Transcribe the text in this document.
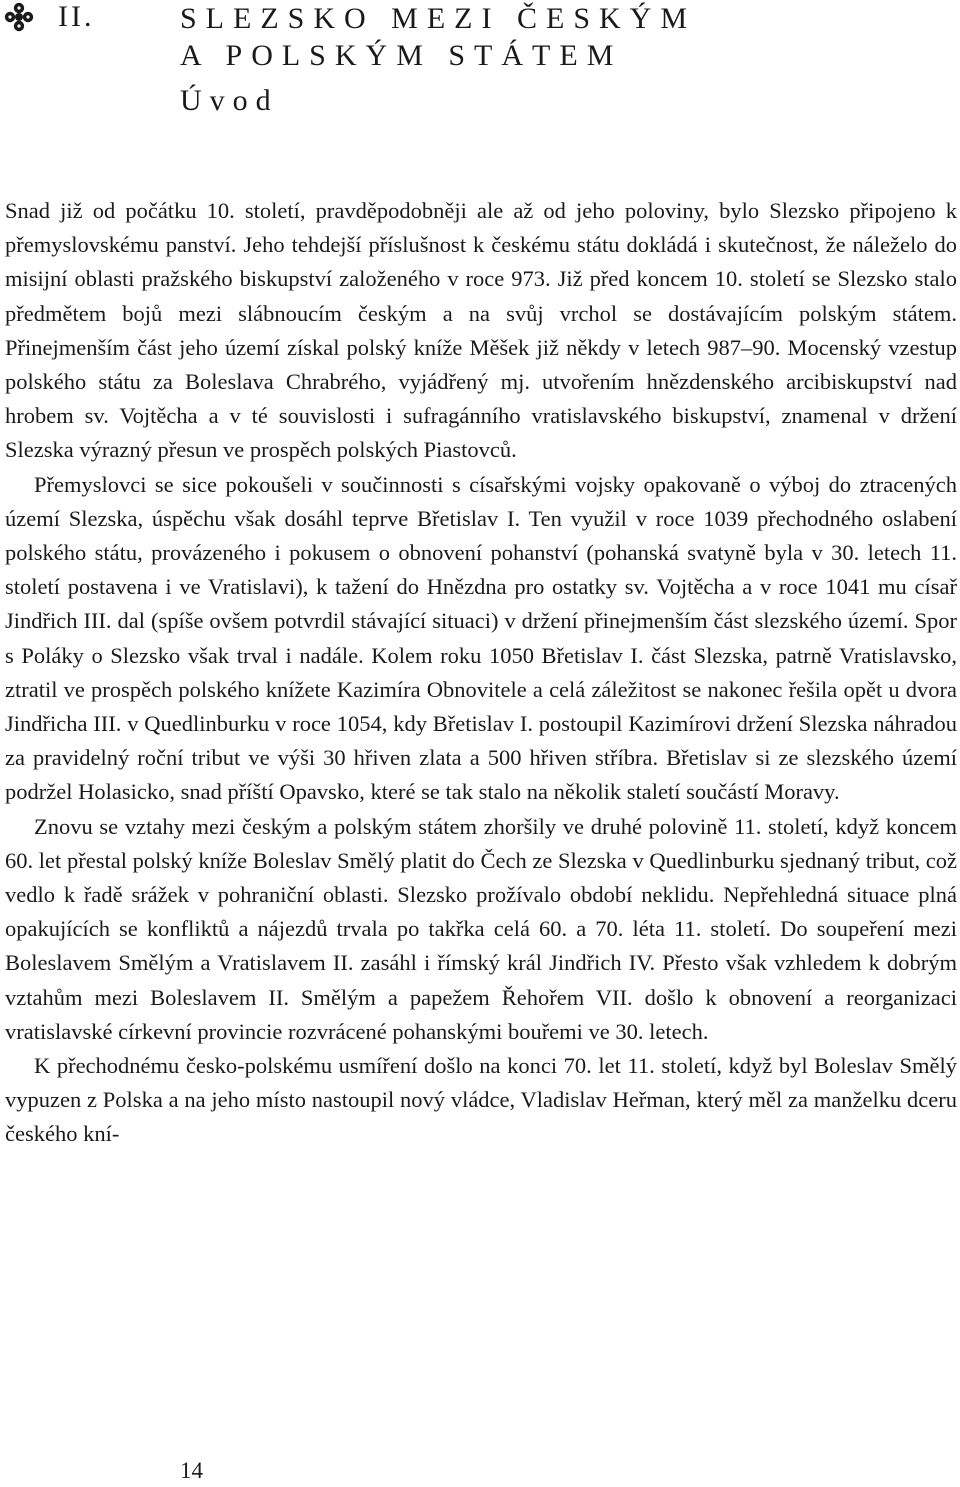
II.	SLEZSKO MEZI ČESKÝM
A POLSKÝM STÁTEM
Úvod

Snad již od počátku 10. století, pravděpodobněji ale až od jeho poloviny, bylo Slezsko připojeno k přemyslovskému panství. Jeho tehdejší příslušnost k českému státu dokládá i skutečnost, že náleželo do misijní oblasti pražského biskupství založeného v roce 973. Již před koncem 10. století se Slezsko stalo předmětem bojů mezi slábnoucím českým a na svůj vrchol se dostávajícím polským státem. Přinejmenším část jeho území získal polský kníže Měšek již někdy v letech 987–90. Mocenský vzestup polského státu za Boleslava Chrabrého, vyjádřený mj. utvořením hnězdenského arcibiskupství nad hrobem sv. Vojtěcha a v té souvislosti i sufragánního vratislavského biskupství, znamenal v držení Slezska výrazný přesun ve prospěch polských Piastovců.

Přemyslovci se sice pokoušeli v součinnosti s císařskými vojsky opakovaně o výboj do ztracených území Slezska, úspěchu však dosáhl teprve Břetislav I. Ten využil v roce 1039 přechodného oslabení polského státu, provázeného i pokusem o obnovení pohanství (pohanská svatyně byla v 30. letech 11. století postavena i ve Vratislavi), k tažení do Hnězdna pro ostatky sv. Vojtěcha a v roce 1041 mu císař Jindřich III. dal (spíše ovšem potvrdil stávající situaci) v držení přinejmenším část slezského území. Spor s Poláky o Slezsko však trval i nadále. Kolem roku 1050 Břetislav I. část Slezska, patrně Vratislavsko, ztratil ve prospěch polského knížete Kazimíra Obnovitele a celá záležitost se nakonec řešila opět u dvora Jindřicha III. v Quedlinburku v roce 1054, kdy Břetislav I. postoupil Kazimírovi držení Slezska náhradou za pravidelný roční tribut ve výši 30 hřiven zlata a 500 hřiven stříbra. Břetislav si ze slezského území podržel Holasicko, snad příští Opavsko, které se tak stalo na několik staletí součástí Moravy.

Znovu se vztahy mezi českým a polským státem zhoršily ve druhé polovině 11. století, když koncem 60. let přestal polský kníže Boleslav Smělý platit do Čech ze Slezska v Quedlinburku sjednaný tribut, což vedlo k řadě srážek v pohraniční oblasti. Slezsko prožívalo období neklidu. Nepřehledná situace plná opakujících se konfliktů a nájezdů trvala po takřka celá 60. a 70. léta 11. století. Do soupeření mezi Boleslavem Smělým a Vratislavem II. zasáhl i římský král Jindřich IV. Přesto však vzhledem k dobrým vztahům mezi Boleslavem II. Smělým a papežem Řehořem VII. došlo k obnovení a reorganizaci vratislavské církevní provincie rozvrácené pohanskými bouřemi ve 30. letech.

K přechodnému česko-polskému usmíření došlo na konci 70. let 11. století, když byl Boleslav Smělý vypuzen z Polska a na jeho místo nastoupil nový vládce, Vladislav Heřman, který měl za manželku dceru českého kní-

14
